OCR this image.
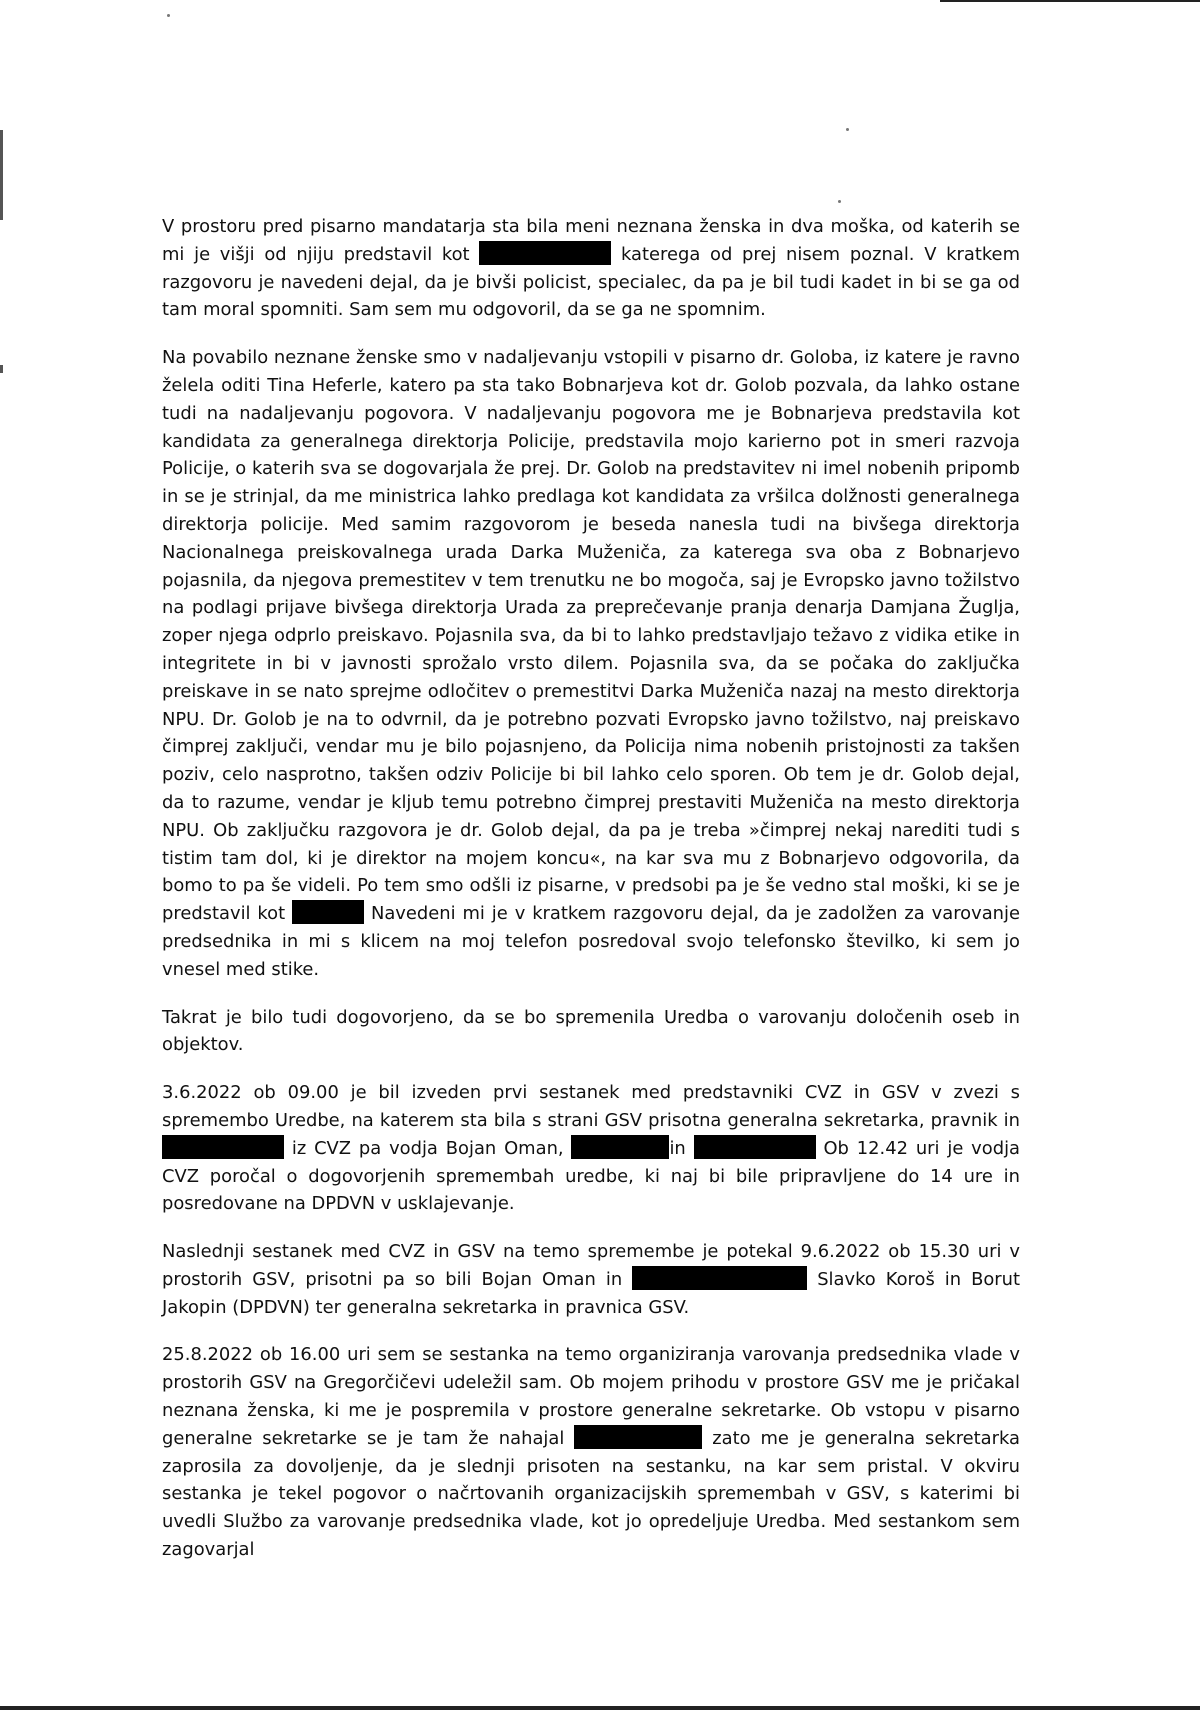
V prostoru pred pisarno mandatarja sta bila meni neznana ženska in dva moška, od katerih se mi je višji od njiju predstavil kot	katerega od prej nisem poznal. V kratkem razgovoru je navedeni dejal, da je bivši policist, specialec, da pa je bil tudi kadet in bi se ga od tam moral spomniti. Sam sem mu odgovoril, da se ga ne spomnim.

Na povabilo neznane ženske smo v nadaljevanju vstopili v pisarno dr. Goloba, iz katere je ravno želela oditi Tina Heferle, katero pa sta tako Bobnarjeva kot dr. Golob pozvala, da lahko ostane tudi na nadaljevanju pogovora. V nadaljevanju pogovora me je Bobnarjeva predstavila kot kandidata za generalnega direktorja Policije, predstavila mojo karierno pot in smeri razvoja Policije, o katerih sva se dogovarjala že prej. Dr. Golob na predstavitev ni imel nobenih pripomb in se je strinjal, da me ministrica lahko predlaga kot kandidata za vršilca dolžnosti generalnega direktorja policije. Med samim razgovorom je beseda nanesla tudi na bivšega direktorja Nacionalnega preiskovalnega urada Darka Muženiča, za katerega sva oba z Bobnarjevo pojasnila, da njegova premestitev v tem trenutku ne bo mogoča, saj je Evropsko javno tožilstvo na podlagi prijave bivšega direktorja Urada za preprečevanje pranja denarja Damjana Žuglja, zoper njega odprlo preiskavo. Pojasnila sva, da bi to lahko predstavljajo težavo z vidika etike in integritete in bi v javnosti sprožalo vrsto dilem. Pojasnila sva, da se počaka do zaključka preiskave in se nato sprejme odločitev o premestitvi Darka Muženiča nazaj na mesto direktorja NPU. Dr. Golob je na to odvrnil, da je potrebno pozvati Evropsko javno tožilstvo, naj preiskavo čimprej zaključi, vendar mu je bilo pojasnjeno, da Policija nima nobenih pristojnosti za takšen poziv, celo nasprotno, takšen odziv Policije bi bil lahko celo sporen. Ob tem je dr. Golob dejal, da to razume, vendar je kljub temu potrebno čimprej prestaviti Muženiča na mesto direktorja NPU. Ob zaključku razgovora je dr. Golob dejal, da pa je treba »čimprej nekaj narediti tudi s tistim tam dol, ki je direktor na mojem koncu«, na kar sva mu z Bobnarjevo odgovorila, da bomo to pa še videli. Po tem smo odšli iz pisarne, v predsobi pa je še vedno stal moški, ki se je predstavil kot	Navedeni mi je v kratkem razgovoru dejal, da je zadolžen za varovanje predsednika in mi s klicem na moj telefon posredoval svojo telefonsko številko, ki sem jo vnesel med stike.

Takrat je bilo tudi dogovorjeno, da se bo spremenila Uredba o varovanju določenih oseb in objektov.

3.6.2022 ob 09.00 je bil izveden prvi sestanek med predstavniki CVZ in GSV v zvezi s spremembo Uredbe, na katerem sta bila s strani GSV prisotna generalna sekretarka, pravnik in  iz CVZ pa vodja Bojan Oman,	in	Ob 12.42 uri je vodja CVZ poročal o dogovorjenih spremembah uredbe, ki naj bi bile pripravljene do 14 ure in posredovane na DPDVN v usklajevanje.

Naslednji sestanek med CVZ in GSV na temo spremembe je potekal 9.6.2022 ob 15.30 uri v prostorih GSV, prisotni pa so bili Bojan Oman in	Slavko Koroš in Borut Jakopin (DPDVN) ter generalna sekretarka in pravnica GSV.

25.8.2022 ob 16.00 uri sem se sestanka na temo organiziranja varovanja predsednika vlade v prostorih GSV na Gregorčičevi udeležil sam. Ob mojem prihodu v prostore GSV me je pričakal neznana ženska, ki me je pospremila v prostore generalne sekretarke. Ob vstopu v pisarno generalne sekretarke se je tam že nahajal	zato me je generalna sekretarka zaprosila za dovoljenje, da je slednji prisoten na sestanku, na kar sem pristal. V okviru sestanka je tekel pogovor o načrtovanih organizacijskih spremembah v GSV, s katerimi bi uvedli Službo za varovanje predsednika vlade, kot jo opredeljuje Uredba. Med sestankom sem zagovarjal
